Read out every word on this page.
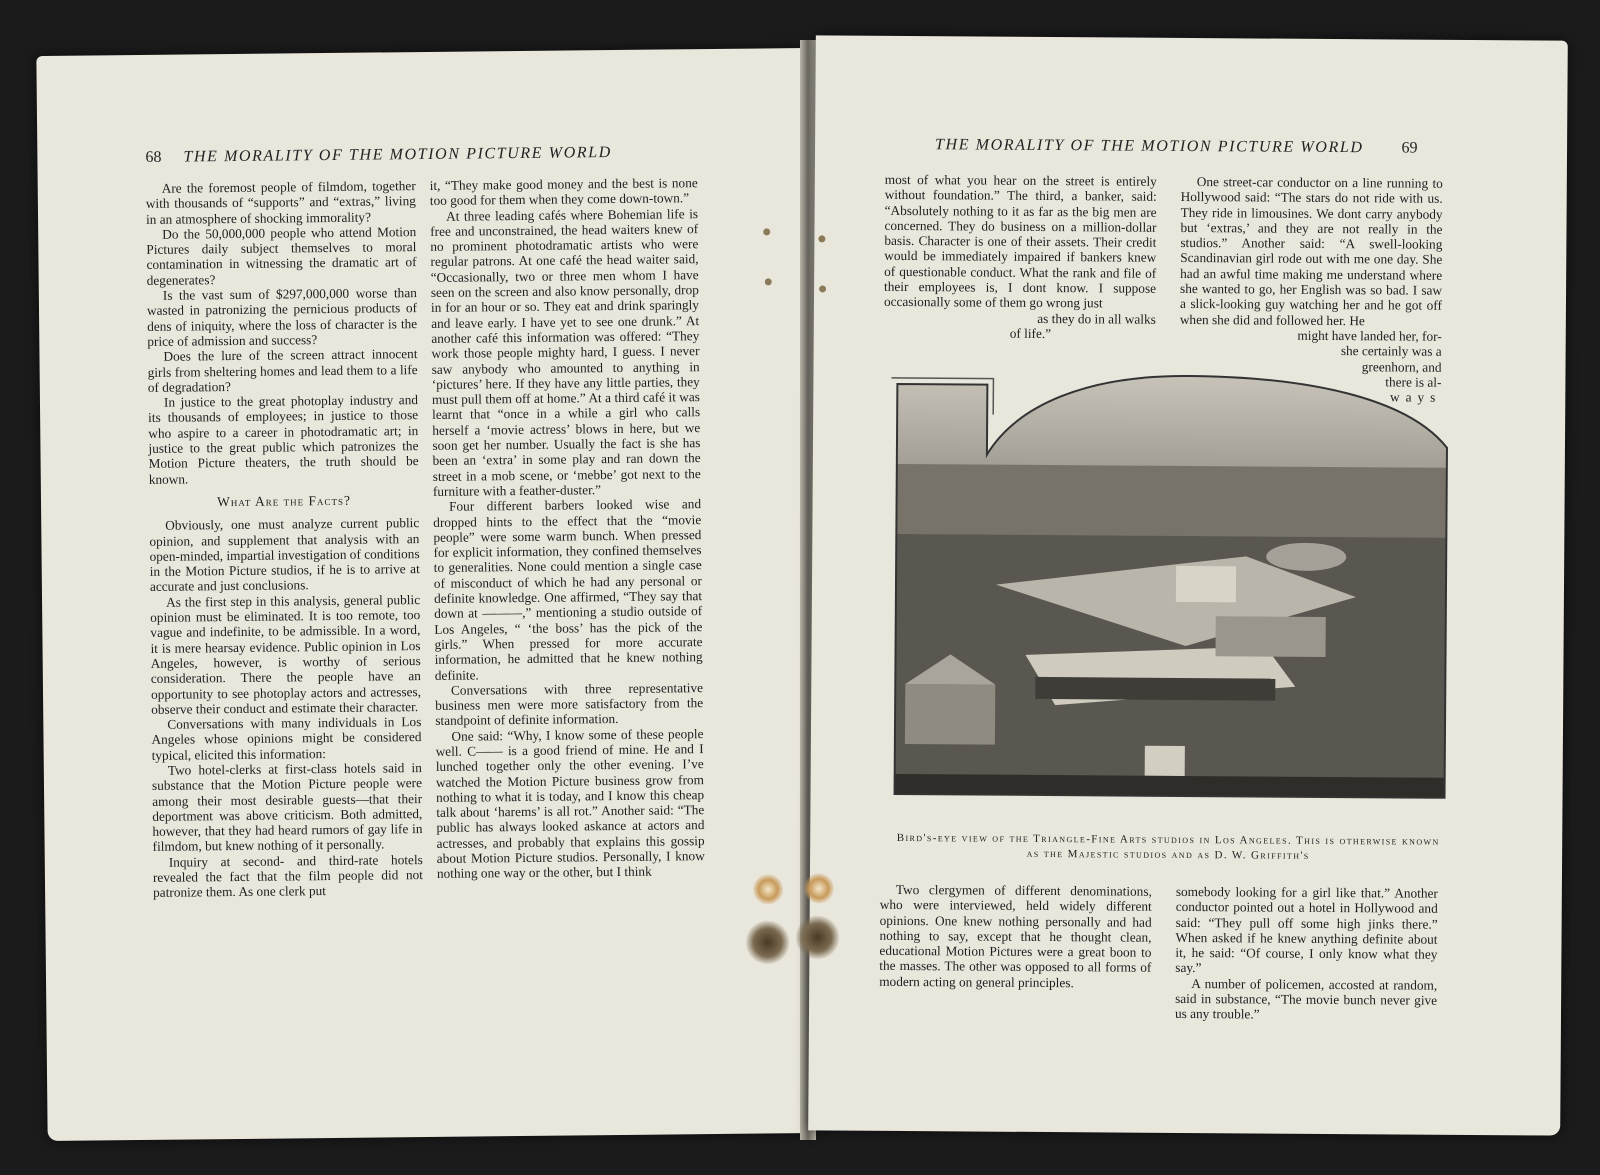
68 THE MORALITY OF THE MOTION PICTURE WORLD

Are the foremost people of filmdom, together with thousands of “supports” and “extras,” living in an atmosphere of shocking immorality?

Do the 50,000,000 people who attend Motion Pictures daily subject themselves to moral contamination in witnessing the dramatic art of degenerates?

Is the vast sum of $297,000,000 worse than wasted in patronizing the pernicious products of dens of iniquity, where the loss of character is the price of admission and success?

Does the lure of the screen attract innocent girls from sheltering homes and lead them to a life of degradation?

In justice to the great photoplay industry and its thousands of employees; in justice to those who aspire to a career in photodramatic art; in justice to the great public which patronizes the Motion Picture theaters, the truth should be known.

What Are the Facts?

Obviously, one must analyze current public opinion, and supplement that analysis with an open-minded, impartial investigation of conditions in the Motion Picture studios, if he is to arrive at accurate and just conclusions.

As the first step in this analysis, general public opinion must be eliminated. It is too remote, too vague and indefinite, to be admissible. In a word, it is mere hearsay evidence. Public opinion in Los Angeles, however, is worthy of serious consideration. There the people have an opportunity to see photoplay actors and actresses, observe their conduct and estimate their character.

Conversations with many individuals in Los Angeles whose opinions might be considered typical, elicited this information:

Two hotel-clerks at first-class hotels said in substance that the Motion Picture people were among their most desirable guests—that their deportment was above criticism. Both admitted, however, that they had heard rumors of gay life in filmdom, but knew nothing of it personally.

Inquiry at second- and third-rate hotels revealed the fact that the film people did not patronize them. As one clerk put

it, “They make good money and the best is none too good for them when they come down-town.”

At three leading cafés where Bohemian life is free and unconstrained, the head waiters knew of no prominent photodramatic artists who were regular patrons. At one café the head waiter said, “Occasionally, two or three men whom I have seen on the screen and also know personally, drop in for an hour or so. They eat and drink sparingly and leave early. I have yet to see one drunk.” At another café this information was offered: “They work those people mighty hard, I guess. I never saw anybody who amounted to anything in ‘pictures’ here. If they have any little parties, they must pull them off at home.” At a third café it was learnt that “once in a while a girl who calls herself a ‘movie actress’ blows in here, but we soon get her number. Usually the fact is she has been an ‘extra’ in some play and ran down the street in a mob scene, or ‘mebbe’ got next to the furniture with a feather-duster.”

Four different barbers looked wise and dropped hints to the effect that the “movie people” were some warm bunch. When pressed for explicit information, they confined themselves to generalities. None could mention a single case of misconduct of which he had any personal or definite knowledge. One affirmed, “They say that down at ———,” mentioning a studio outside of Los Angeles, “ ‘the boss’ has the pick of the girls.” When pressed for more accurate information, he admitted that he knew nothing definite.

Conversations with three representative business men were more satisfactory from the standpoint of definite information.

One said: “Why, I know some of these people well. C—— is a good friend of mine. He and I lunched together only the other evening. I’ve watched the Motion Picture business grow from nothing to what it is today, and I know this cheap talk about ‘harems’ is all rot.” Another said: “The public has always looked askance at actors and actresses, and probably that explains this gossip about Motion Picture studios. Personally, I know nothing one way or the other, but I think

THE MORALITY OF THE MOTION PICTURE WORLD 69

most of what you hear on the street is entirely without foundation.” The third, a banker, said: “Absolutely nothing to it as far as the big men are concerned. They do business on a million-dollar basis. Character is one of their assets. Their credit would be immediately impaired if bankers knew of questionable conduct. What the rank and file of their employees is, I dont know. I suppose occasionally some of them go wrong just

as they do in all walks
of life.”

One street-car conductor on a line running to Hollywood said: “The stars do not ride with us. They ride in limousines. We dont carry anybody but ‘extras,’ and they are not really in the studios.” Another said: “A swell-looking Scandinavian girl rode out with me one day. She had an awful time making me understand where she wanted to go, her English was so bad. I saw a slick-looking guy watching her and he got off when she did and followed her. He

might have landed her, for-
she certainly was a
greenhorn, and
there is al-
ways
Bird's-eye view of the Triangle-Fine Arts studios in Los Angeles. This is otherwise known as the Majestic studios and as D. W. Griffith's

Two clergymen of different denominations, who were interviewed, held widely different opinions. One knew nothing personally and had nothing to say, except that he thought clean, educational Motion Pictures were a great boon to the masses. The other was opposed to all forms of modern acting on general principles.

somebody looking for a girl like that.” Another conductor pointed out a hotel in Hollywood and said: “They pull off some high jinks there.” When asked if he knew anything definite about it, he said: “Of course, I only know what they say.”

A number of policemen, accosted at random, said in substance, “The movie bunch never give us any trouble.”
